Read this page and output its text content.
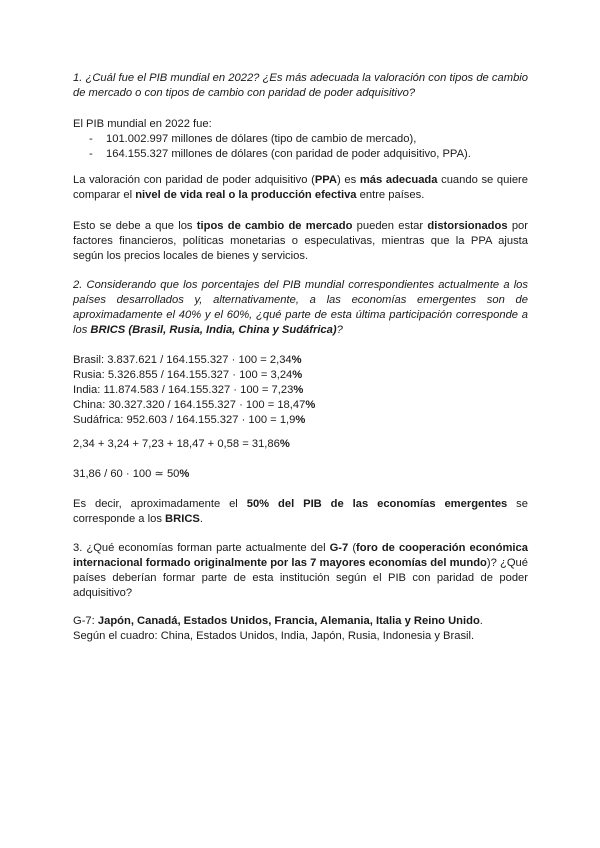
1. ¿Cuál fue el PIB mundial en 2022? ¿Es más adecuada la valoración con tipos de cambio de mercado o con tipos de cambio con paridad de poder adquisitivo?

El PIB mundial en 2022 fue:

- 101.002.997 millones de dólares (tipo de cambio de mercado),
- 164.155.327 millones de dólares (con paridad de poder adquisitivo, PPA).

La valoración con paridad de poder adquisitivo (PPA) es más adecuada cuando se quiere comparar el nivel de vida real o la producción efectiva entre países.

Esto se debe a que los tipos de cambio de mercado pueden estar distorsionados por factores financieros, políticas monetarias o especulativas, mientras que la PPA ajusta según los precios locales de bienes y servicios.

2. Considerando que los porcentajes del PIB mundial correspondientes actualmente a los países desarrollados y, alternativamente, a las economías emergentes son de aproximadamente el 40% y el 60%, ¿qué parte de esta última participación corresponde a los BRICS (Brasil, Rusia, India, China y Sudáfrica)?

Brasil: 3.837.621 / 164.155.327 · 100 = 2,34%
Rusia: 5.326.855 / 164.155.327 · 100 = 3,24%
India: 11.874.583 / 164.155.327 · 100 = 7,23%
China: 30.327.320 / 164.155.327 · 100 = 18,47%
Sudáfrica: 952.603 / 164.155.327 · 100 = 1,9%

2,34 + 3,24 + 7,23 + 18,47 + 0,58 = 31,86%

31,86 / 60 · 100 ≃ 50%

Es decir, aproximadamente el 50% del PIB de las economías emergentes se corresponde a los BRICS.

3. ¿Qué economías forman parte actualmente del G-7 (foro de cooperación económica internacional formado originalmente por las 7 mayores economías del mundo)? ¿Qué países deberían formar parte de esta institución según el PIB con paridad de poder adquisitivo?

G-7: Japón, Canadá, Estados Unidos, Francia, Alemania, Italia y Reino Unido.

Según el cuadro: China, Estados Unidos, India, Japón, Rusia, Indonesia y Brasil.
